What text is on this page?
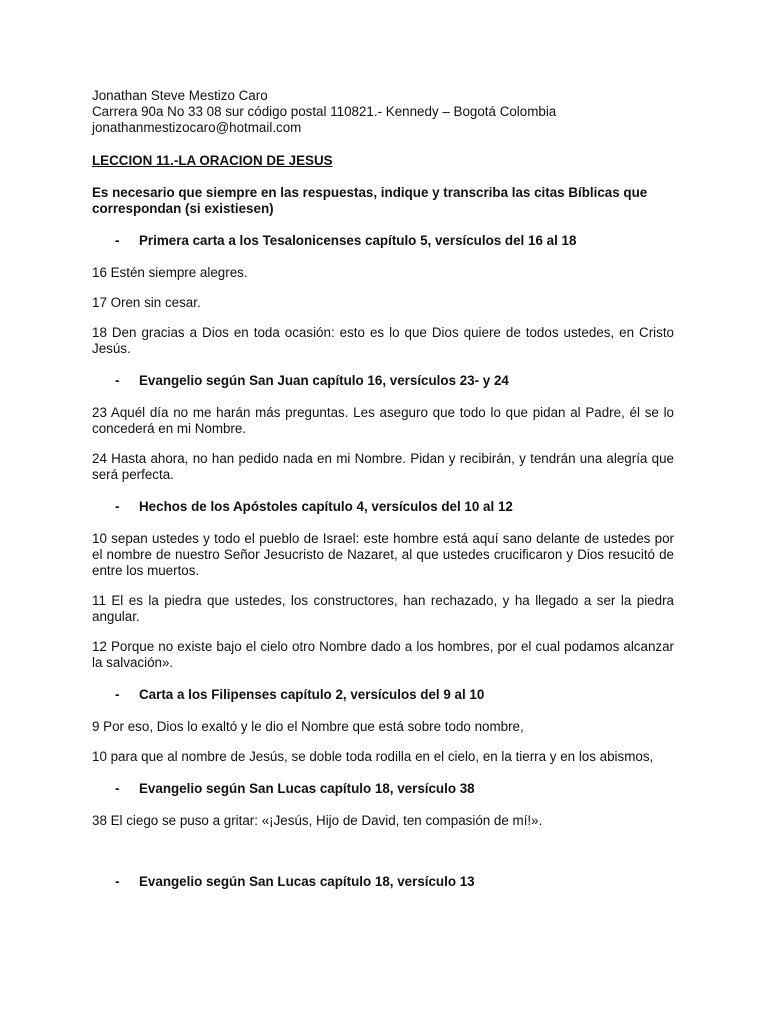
Jonathan Steve Mestizo Caro

Carrera 90a No 33 08 sur código postal 110821.- Kennedy – Bogotá Colombia

jonathanmestizocaro@hotmail.com

LECCION 11.-LA ORACION DE JESUS

Es necesario que siempre en las respuestas, indique y transcriba las citas Bíblicas que correspondan (si existiesen)

- Primera carta a los Tesalonicenses capítulo 5, versículos del 16 al 18

16 Estén siempre alegres.

17 Oren sin cesar.

18 Den gracias a Dios en toda ocasión: esto es lo que Dios quiere de todos ustedes, en Cristo Jesús.

- Evangelio según San Juan capítulo 16, versículos 23- y 24

23 Aquél día no me harán más preguntas. Les aseguro que todo lo que pidan al Padre, él se lo concederá en mi Nombre.

24 Hasta ahora, no han pedido nada en mi Nombre. Pidan y recibirán, y tendrán una alegría que será perfecta.

- Hechos de los Apóstoles capítulo 4, versículos del 10 al 12

10 sepan ustedes y todo el pueblo de Israel: este hombre está aquí sano delante de ustedes por el nombre de nuestro Señor Jesucristo de Nazaret, al que ustedes crucificaron y Dios resucitó de entre los muertos.

11 El es la piedra que ustedes, los constructores, han rechazado, y ha llegado a ser la piedra angular.

12 Porque no existe bajo el cielo otro Nombre dado a los hombres, por el cual podamos alcanzar la salvación».

- Carta a los Filipenses capítulo 2, versículos del 9 al 10

9 Por eso, Dios lo exaltó y le dio el Nombre que está sobre todo nombre,

10 para que al nombre de Jesús, se doble toda rodilla en el cielo, en la tierra y en los abismos,

- Evangelio según San Lucas capítulo 18, versículo 38

38 El ciego se puso a gritar: «¡Jesús, Hijo de David, ten compasión de mí!».

- Evangelio según San Lucas capítulo 18, versículo 13
